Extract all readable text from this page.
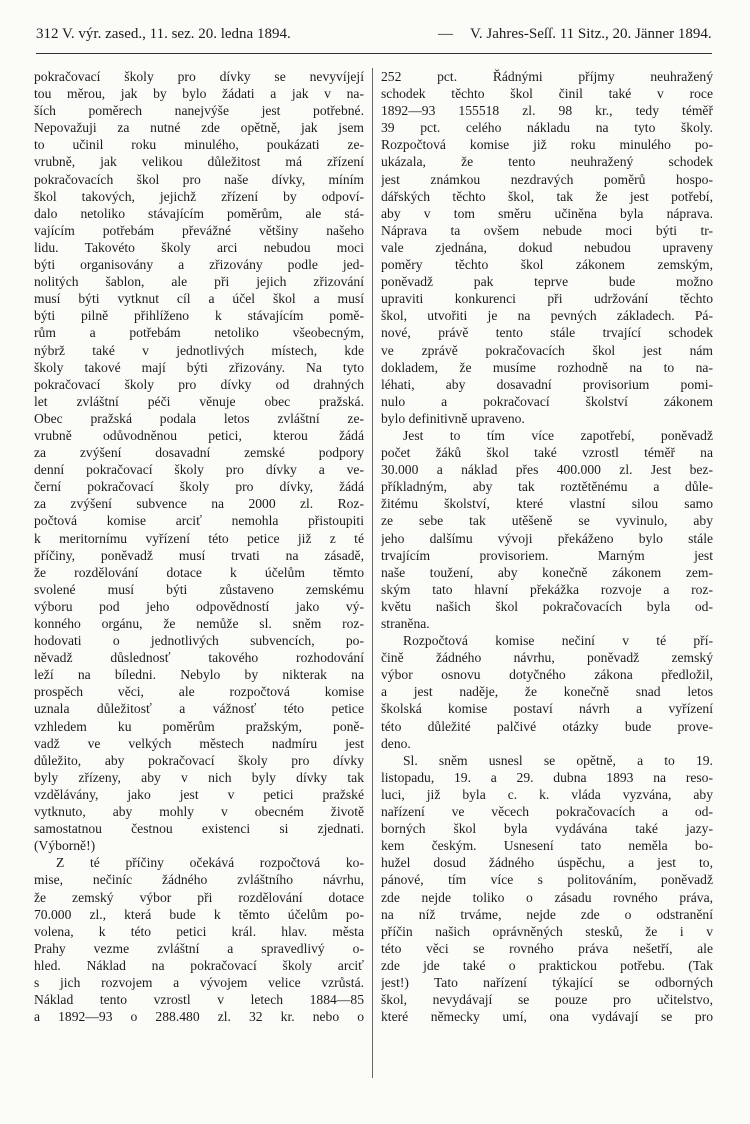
312 V. výr. zased., 11. sez. 20. ledna 1894.	— V. Jahres-Seſſ. 11 Sitz., 20. Jänner 1894.
pokračovací školy pro dívky se nevyvíjejí
tou měrou, jak by bylo žádati a jak v na-
ších poměrech nanejvýše jest potřebné.
Nepovažuji za nutné zde opětně, jak jsem
to učinil roku minulého, poukázati ze-
vrubně, jak velikou důležitost má zřízení
pokračovacích škol pro naše dívky, míním
škol takových, jejichž zřízení by odpoví-
dalo netoliko stávajícím poměrům, ale stá-
vajícím potřebám převážné většiny našeho
lidu. Takovéto školy arci nebudou moci
býti organisovány a zřizovány podle jed-
nolitých šablon, ale při jejich zřizování
musí býti vytknut cíl a účel škol a musí
býti pilně přihlíženo k stávajícím pomě-
rům a potřebám netoliko všeobecným,
nýbrž také v jednotlivých místech, kde
školy takové mají býti zřizovány. Na tyto
pokračovací školy pro dívky od drahných
let zvláštní péči věnuje obec pražská.
Obec pražská podala letos zvláštní ze-
vrubně odůvodněnou petici, kterou žádá
za zvýšení dosavadní zemské podpory
denní pokračovací školy pro dívky a ve-
černí pokračovací školy pro dívky, žádá
za zvýšení subvence na 2000 zl. Roz-
počtová komise arciť nemohla přistoupiti
k meritornímu vyřízení této petice již z té
příčiny, poněvadž musí trvati na zásadě,
že rozdělování dotace k účelům těmto
svolené musí býti zůstaveno zemskému
výboru pod jeho odpovědností jako vý-
konného orgánu, že nemůže sl. sněm roz-
hodovati o jednotlivých subvencích, po-
něvadž důslednosť takového rozhodování
leží na bíledni. Nebylo by nikterak na
prospěch věci, ale rozpočtová komise
uznala důležitosť a vážnosť této petice
vzhledem ku poměrům pražským, poně-
vadž ve velkých městech nadmíru jest
důležito, aby pokračovací školy pro dívky
byly zřízeny, aby v nich byly dívky tak
vzdělávány, jako jest v petici pražské
vytknuto, aby mohly v obecném životě
samostatnou čestnou existenci si zjednati.
(Výborně!)
Z té příčiny očekává rozpočtová ko-
mise, nečiníc žádného zvláštního návrhu,
že zemský výbor při rozdělování dotace
70.000 zl., která bude k těmto účelům po-
volena, k této petici král. hlav. města
Prahy vezme zvláštní a spravedlivý o-
hled. Náklad na pokračovací školy arciť
s jich rozvojem a vývojem velice vzrůstá.
Náklad tento vzrostl v letech 1884—85
a 1892—93 o 288.480 zl. 32 kr. nebo o
252 pct. Řádnými příjmy neuhražený
schodek těchto škol činil také v roce
1892—93 155518 zl. 98 kr., tedy téměř
39 pct. celého nákladu na tyto školy.
Rozpočtová komise již roku minulého po-
ukázala, že tento neuhražený schodek
jest známkou nezdravých poměrů hospo-
dářských těchto škol, tak že jest potřebí,
aby v tom směru učiněna byla náprava.
Náprava ta ovšem nebude moci býti tr-
vale zjednána, dokud nebudou upraveny
poměry těchto škol zákonem zemským,
poněvadž pak teprve bude možno
upraviti konkurenci při udržování těchto
škol, utvořiti je na pevných základech. Pá-
nové, právě tento stále trvající schodek
ve zprávě pokračovacích škol jest nám
dokladem, že musíme rozhodně na to na-
léhati, aby dosavadní provisorium pomi-
nulo a pokračovací školství zákonem
bylo definitivně upraveno.
Jest to tím více zapotřebí, poněvadž
počet žáků škol také vzrostl téměř na
30.000 a náklad přes 400.000 zl. Jest bez-
příkladným, aby tak roztětěnému a důle-
žitému školství, které vlastní silou samo
ze sebe tak utěšeně se vyvinulo, aby
jeho dalšímu vývoji překáženo bylo stále
trvajícím provisoriem. Marným jest
naše toužení, aby konečně zákonem zem-
ským tato hlavní překážka rozvoje a roz-
květu našich škol pokračovacích byla od-
straněna.
Rozpočtová komise nečiní v té pří-
čině žádného návrhu, poněvadž zemský
výbor osnovu dotyčného zákona předložil,
a jest naděje, že konečně snad letos
školská komise postaví návrh a vyřízení
této důležité palčivé otázky bude prove-
deno.
Sl. sněm usnesl se opětně, a to 19.
listopadu, 19. a 29. dubna 1893 na reso-
luci, již byla c. k. vláda vyzvána, aby
nařízení ve věcech pokračovacích a od-
borných škol byla vydávána také jazy-
kem českým. Usnesení tato neměla bo-
hužel dosud žádného úspěchu, a jest to,
pánové, tím více s politováním, poněvadž
zde nejde toliko o zásadu rovného práva,
na níž trváme, nejde zde o odstranění
příčin našich oprávněných stesků, že i v
této věci se rovného práva nešetří, ale
zde jde také o praktickou potřebu. (Tak
jest!) Tato nařízení týkající se odborných
škol, nevydávají se pouze pro učitelstvo,
které německy umí, ona vydávají se pro
